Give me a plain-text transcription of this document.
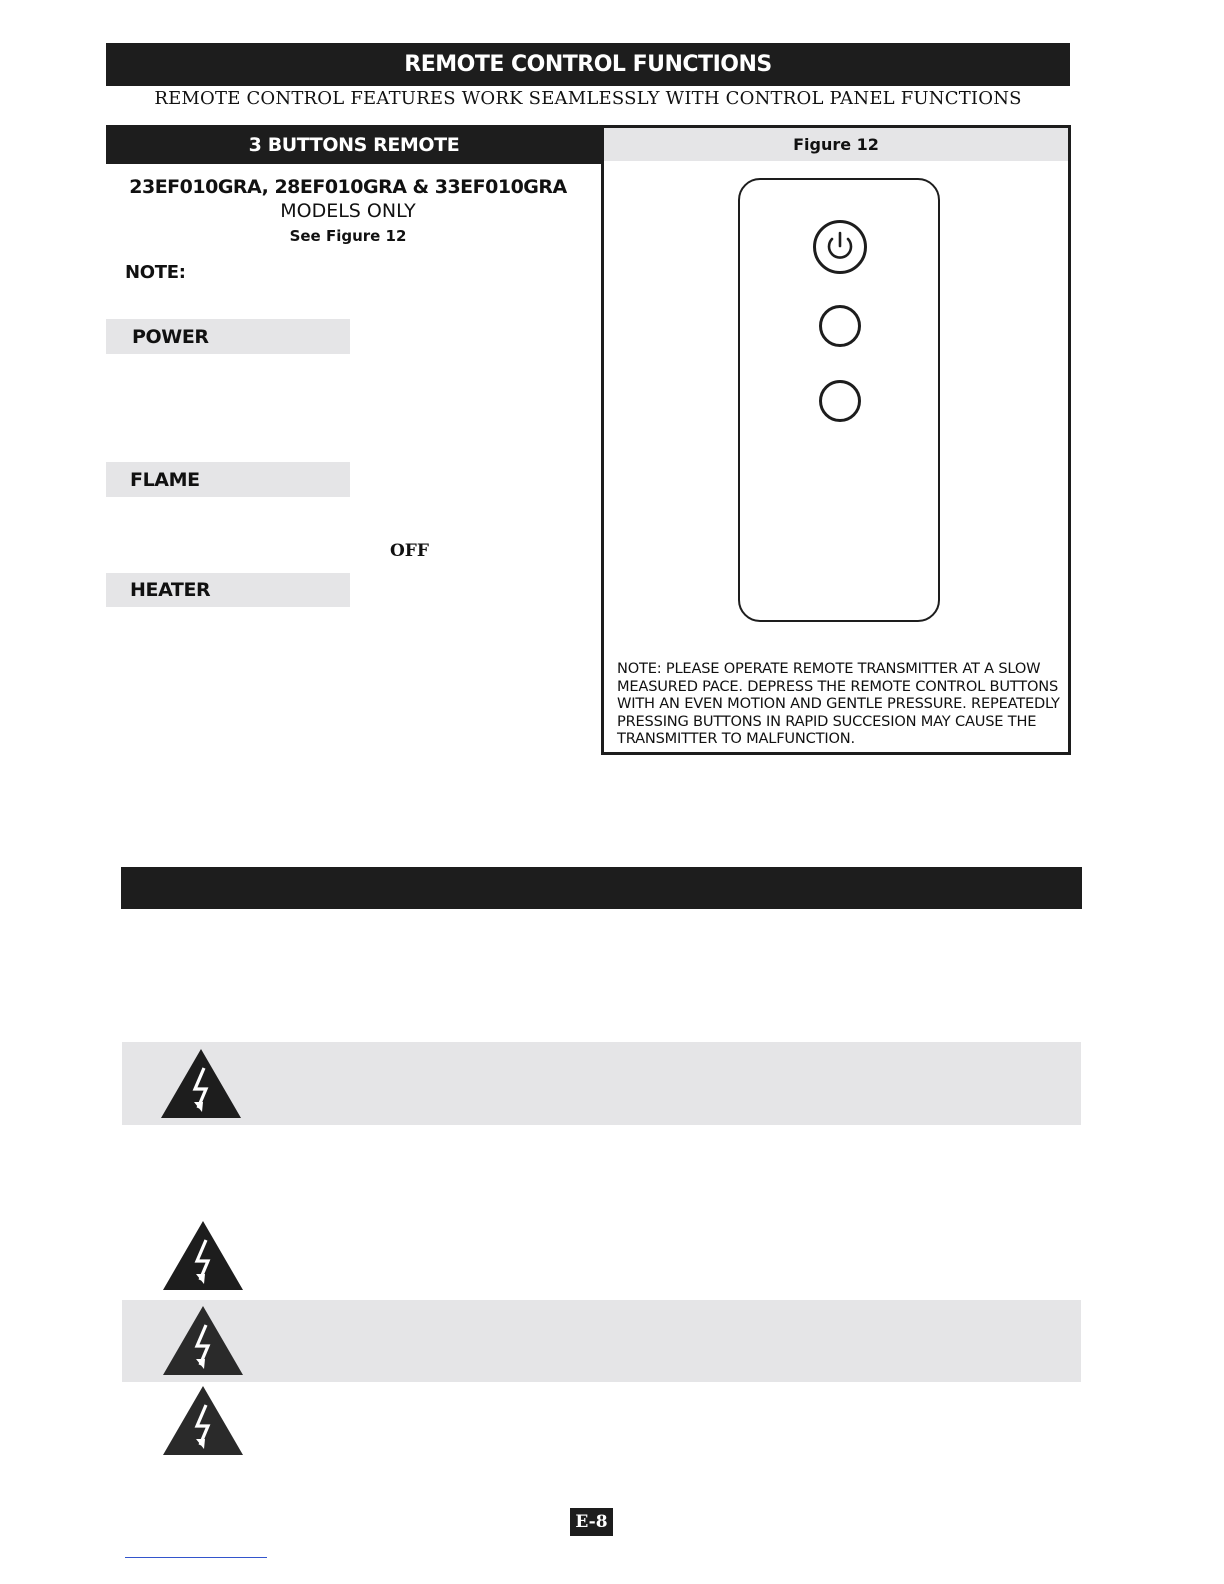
REMOTE CONTROL FUNCTIONS
REMOTE CONTROL FEATURES WORK SEAMLESSLY WITH CONTROL PANEL FUNCTIONS
3 BUTTONS REMOTE
23EF010GRA, 28EF010GRA & 33EF010GRA
MODELS ONLY
See Figure 12
NOTE:
POWER
FLAME
OFF
HEATER
Figure 12
NOTE: PLEASE OPERATE REMOTE TRANSMITTER AT A SLOW MEASURED PACE. DEPRESS THE REMOTE CONTROL BUTTONS WITH AN EVEN MOTION AND GENTLE PRESSURE. REPEATEDLY PRESSING BUTTONS IN RAPID SUCCESION MAY CAUSE THE TRANSMITTER TO MALFUNCTION.
E-8
